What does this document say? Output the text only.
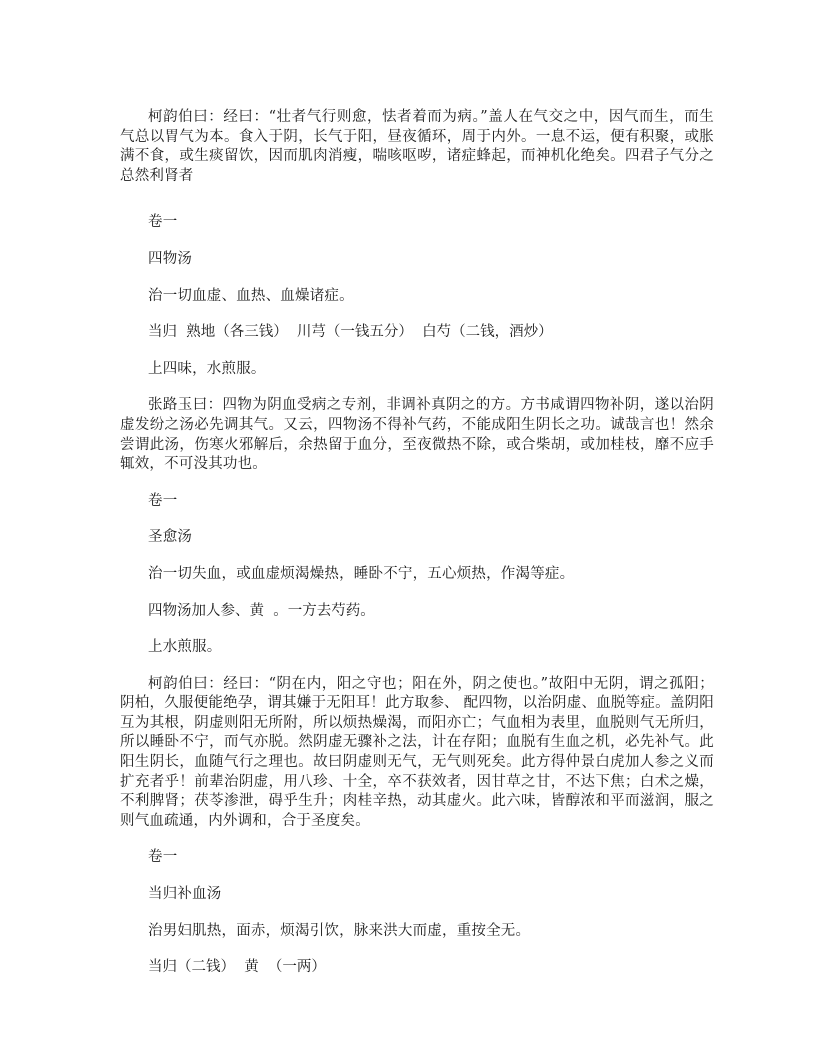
柯韵伯曰：经曰：“壮者气行则愈，怯者着而为病。”盖人在气交之中，因气而生，而生气总以胃气为本。食入于阴，长气于阳，昼夜循环，周于内外。一息不运，便有积聚，或胀满不食，或生痰留饮，因而肌肉消瘦，喘咳呕哕，诸症蜂起，而神机化绝矣。四君子气分之总然利肾者

卷一

四物汤

治一切血虚、血热、血燥诸症。

当归  熟地（各三钱）  川芎（一钱五分）  白芍（二钱，酒炒）

上四味，水煎服。

张路玉曰：四物为阴血受病之专剂，非调补真阴之的方。方书咸谓四物补阴，遂以治阴虚发纷之汤必先调其气。又云，四物汤不得补气药，不能成阳生阴长之功。诚哉言也！然余尝谓此汤，伤寒火邪解后，余热留于血分，至夜微热不除，或合柴胡，或加桂枝，靡不应手辄效，不可没其功也。

卷一

圣愈汤

治一切失血，或血虚烦渴燥热，睡卧不宁，五心烦热，作渴等症。

四物汤加人参、黄  。一方去芍药。

上水煎服。

柯韵伯曰：经曰：“阴在内，阳之守也；阳在外，阴之使也。”故阳中无阴，谓之孤阳；阴柏，久服便能绝孕，谓其嫌于无阳耳！此方取参、 配四物，以治阴虚、血脱等症。盖阴阳互为其根，阴虚则阳无所附，所以烦热燥渴，而阳亦亡；气血相为表里，血脱则气无所归，所以睡卧不宁，而气亦脱。然阴虚无骤补之法，计在存阳；血脱有生血之机，必先补气。此阳生阴长，血随气行之理也。故曰阴虚则无气，无气则死矣。此方得仲景白虎加人参之义而扩充者乎！前辈治阴虚，用八珍、十全，卒不获效者，因甘草之甘，不达下焦；白术之燥，不利脾肾；茯苓渗泄，碍乎生升；肉桂辛热，动其虚火。此六味，皆醇浓和平而滋润，服之则气血疏通，内外调和，合于圣度矣。

卷一

当归补血汤

治男妇肌热，面赤，烦渴引饮，脉来洪大而虚，重按全无。

当归（二钱）  黄  （一两）
